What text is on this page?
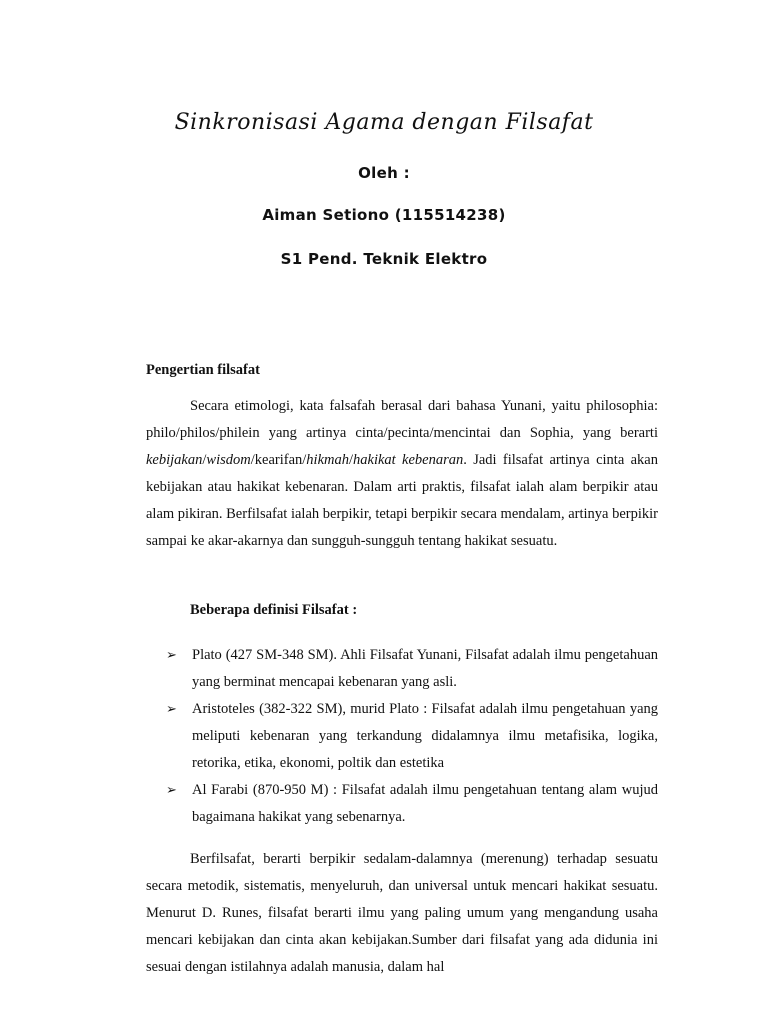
Sinkronisasi Agama dengan Filsafat

Oleh :

Aiman Setiono (115514238)

S1 Pend. Teknik Elektro

Pengertian filsafat

Secara etimologi, kata falsafah berasal dari bahasa Yunani, yaitu philosophia: philo/philos/philein yang artinya cinta/pecinta/mencintai dan Sophia, yang berarti kebijakan/wisdom/kearifan/hikmah/hakikat kebenaran. Jadi filsafat artinya cinta akan kebijakan atau hakikat kebenaran. Dalam arti praktis, filsafat ialah alam berpikir atau alam pikiran. Berfilsafat ialah berpikir, tetapi berpikir secara mendalam, artinya berpikir sampai ke akar-akarnya dan sungguh-sungguh tentang hakikat sesuatu.

Beberapa definisi Filsafat :

➢ Plato (427 SM-348 SM). Ahli Filsafat Yunani, Filsafat adalah ilmu pengetahuan yang berminat mencapai kebenaran yang asli.
➢ Aristoteles (382-322 SM), murid Plato : Filsafat adalah ilmu pengetahuan yang meliputi kebenaran yang terkandung didalamnya ilmu metafisika, logika, retorika, etika, ekonomi, poltik dan estetika
➢ Al Farabi (870-950 M) : Filsafat adalah ilmu pengetahuan tentang alam wujud bagaimana hakikat yang sebenarnya.

Berfilsafat, berarti berpikir sedalam-dalamnya (merenung) terhadap sesuatu secara metodik, sistematis, menyeluruh, dan universal untuk mencari hakikat sesuatu. Menurut D. Runes, filsafat berarti ilmu yang paling umum yang mengandung usaha mencari kebijakan dan cinta akan kebijakan.Sumber dari filsafat yang ada didunia ini sesuai dengan istilahnya adalah manusia, dalam hal
